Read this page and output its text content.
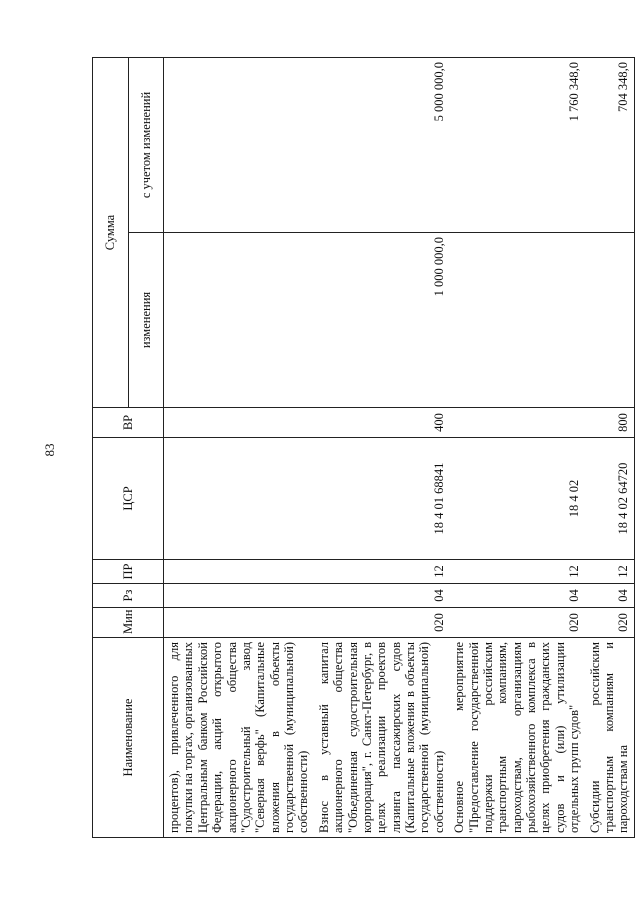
83
Наименование	Мин	Рз	ПР	ЦСР	ВР	Сумма	
						изменения	с учетом изменений
процентов), привлеченного для покупки на торгах, организованных Центральным банком Российской Федерации, акций открытого акционерного общества "Судостроительный завод "Северная верфь" (Капитальные вложения в объекты государственной (муниципальной) собственности)							
Взнос в уставный капитал акционерного общества "Объединенная судостроительная корпорация", г. Санкт-Петербург, в целях реализации проектов лизинга пассажирских судов (Капитальные вложения в объекты государственной (муниципальной) собственности)	020	04	12	18 4 01 68841	400	1 000 000,0	5 000 000,0
Основное мероприятие "Предоставление государственной поддержки российским транспортным компаниям, пароходствам, организациям рыбохозяйственного комплекса в целях приобретения гражданских судов и (или) утилизации отдельных групп судов"	020	04	12	18 4 02			1 760 348,0
Субсидии российским транспортным компаниям и пароходствам на	020	04	12	18 4 02 64720	800		704 348,0
